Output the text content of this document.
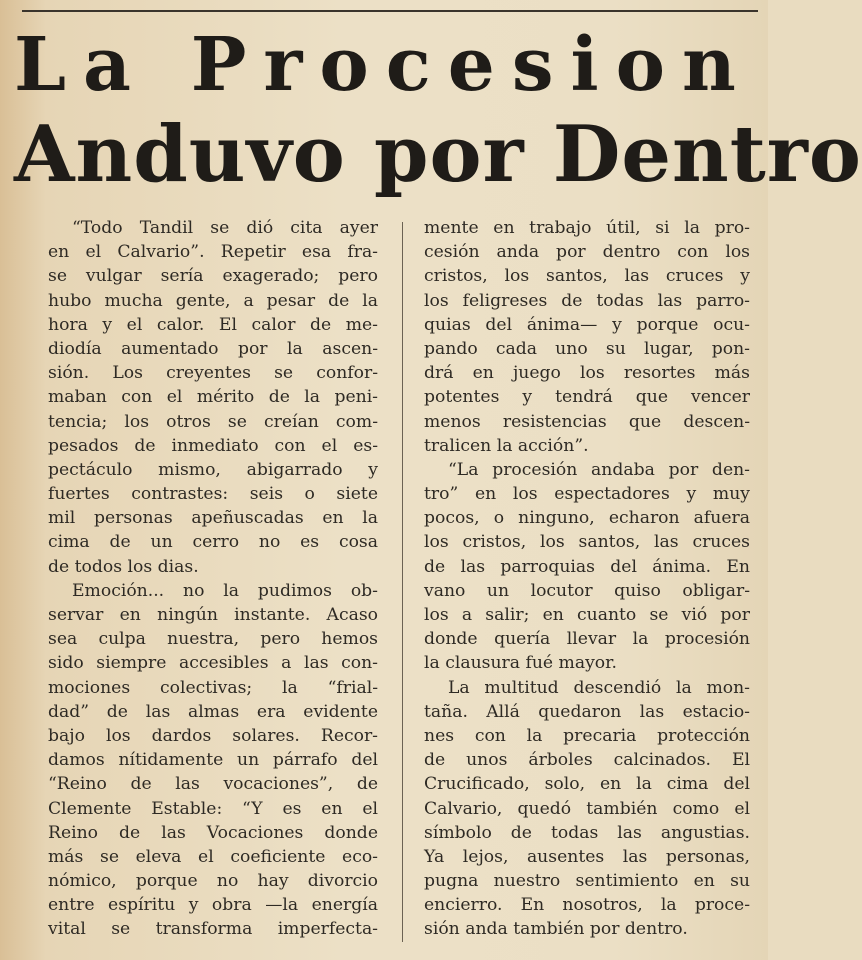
La Procesion
Anduvo por Dentro
“Todo Tandil se dió cita ayer
en el Calvario”. Repetir esa fra-
se vulgar sería exagerado; pero
hubo mucha gente, a pesar de la
hora y el calor. El calor de me-
diodía aumentado por la ascen-
sión. Los creyentes se confor-
maban con el mérito de la peni-
tencia; los otros se creían com-
pesados de inmediato con el es-
pectáculo mismo, abigarrado y
fuertes contrastes: seis o siete
mil personas apeñuscadas en la
cima de un cerro no es cosa
de todos los dias.
Emoción... no la pudimos ob-
servar en ningún instante. Acaso
sea culpa nuestra, pero hemos
sido siempre accesibles a las con-
mociones colectivas; la “frial-
dad” de las almas era evidente
bajo los dardos solares. Recor-
damos nítidamente un párrafo del
“Reino de las vocaciones”, de
Clemente Estable: “Y es en el
Reino de las Vocaciones donde
más se eleva el coeficiente eco-
nómico, porque no hay divorcio
entre espíritu y obra —la energía
vital se transforma imperfecta-
mente en trabajo útil, si la pro-
cesión anda por dentro con los
cristos, los santos, las cruces y
los feligreses de todas las parro-
quias del ánima— y porque ocu-
pando cada uno su lugar, pon-
drá en juego los resortes más
potentes y tendrá que vencer
menos resistencias que descen-
tralicen la acción”.
“La procesión andaba por den-
tro” en los espectadores y muy
pocos, o ninguno, echaron afuera
los cristos, los santos, las cruces
de las parroquias del ánima. En
vano un locutor quiso obligar-
los a salir; en cuanto se vió por
donde quería llevar la procesión
la clausura fué mayor.
La multitud descendió la mon-
taña. Allá quedaron las estacio-
nes con la precaria protección
de unos árboles calcinados. El
Crucificado, solo, en la cima del
Calvario, quedó también como el
símbolo de todas las angustias.
Ya lejos, ausentes las personas,
pugna nuestro sentimiento en su
encierro. En nosotros, la proce-
sión anda también por dentro.
